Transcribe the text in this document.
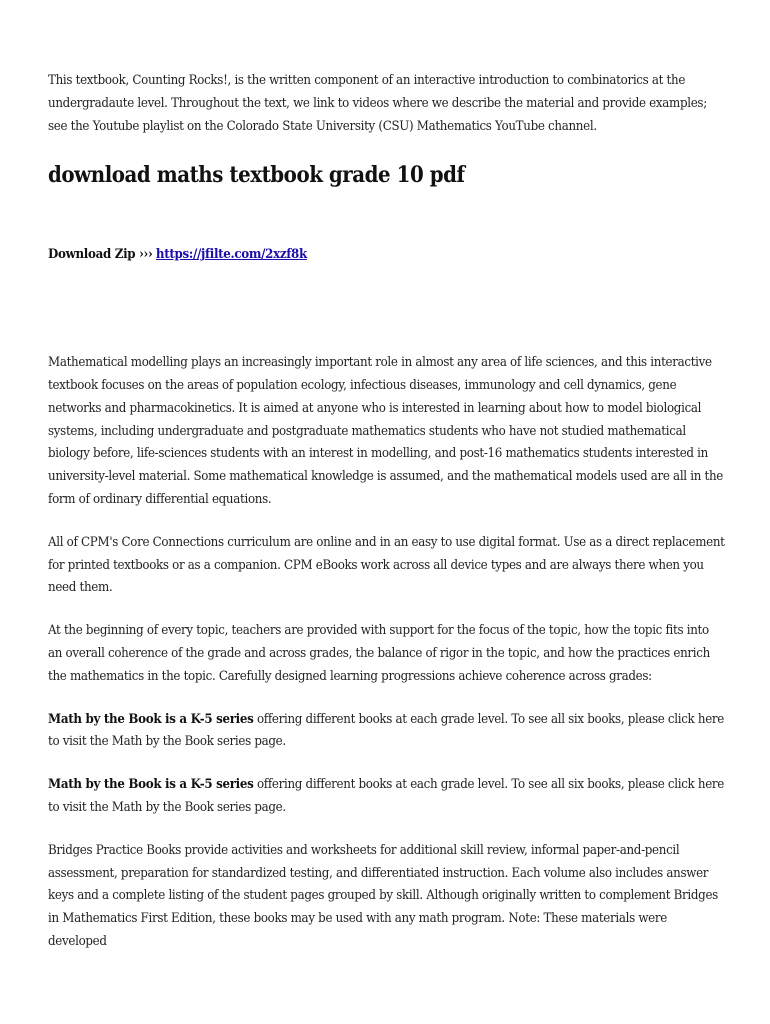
This textbook, Counting Rocks!, is the written component of an interactive introduction to combinatorics at the undergradaute level. Throughout the text, we link to videos where we describe the material and provide examples; see the Youtube playlist on the Colorado State University (CSU) Mathematics YouTube channel.

download maths textbook grade 10 pdf

Download Zip ››› https://jfilte.com/2xzf8k

Mathematical modelling plays an increasingly important role in almost any area of life sciences, and this interactive textbook focuses on the areas of population ecology, infectious diseases, immunology and cell dynamics, gene networks and pharmacokinetics. It is aimed at anyone who is interested in learning about how to model biological systems, including undergraduate and postgraduate mathematics students who have not studied mathematical biology before, life-sciences students with an interest in modelling, and post-16 mathematics students interested in university-level material. Some mathematical knowledge is assumed, and the mathematical models used are all in the form of ordinary differential equations.

All of CPM's Core Connections curriculum are online and in an easy to use digital format. Use as a direct replacement for printed textbooks or as a companion. CPM eBooks work across all device types and are always there when you need them.

At the beginning of every topic, teachers are provided with support for the focus of the topic, how the topic fits into an overall coherence of the grade and across grades, the balance of rigor in the topic, and how the practices enrich the mathematics in the topic. Carefully designed learning progressions achieve coherence across grades:

Math by the Book is a K-5 series offering different books at each grade level. To see all six books, please click here to visit the Math by the Book series page.

Math by the Book is a K-5 series offering different books at each grade level. To see all six books, please click here to visit the Math by the Book series page.

Bridges Practice Books provide activities and worksheets for additional skill review, informal paper-and-pencil assessment, preparation for standardized testing, and differentiated instruction. Each volume also includes answer keys and a complete listing of the student pages grouped by skill. Although originally written to complement Bridges in Mathematics First Edition, these books may be used with any math program. Note: These materials were developed
